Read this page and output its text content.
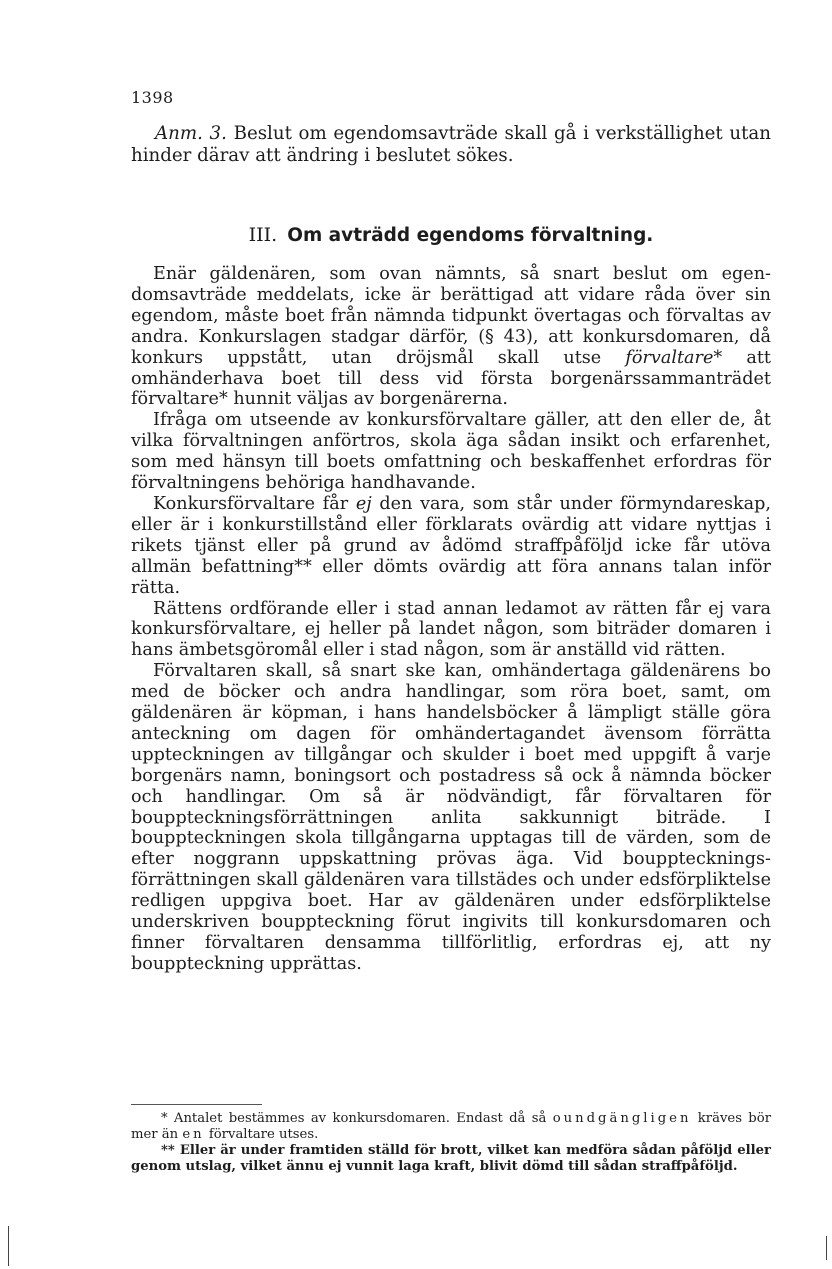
1398
Anm. 3. Beslut om egendomsavträde skall gå i verkställighet utan hinder därav att ändring i beslutet sökes.
III. Om avträdd egendoms förvaltning.

Enär gäldenären, som ovan nämnts, så snart beslut om egendomsavträde meddelats, icke är berättigad att vidare råda över sin egendom, måste boet från nämnda tidpunkt övertagas och förvaltas av andra. Konkurslagen stadgar därför, (§ 43), att konkursdomaren, då konkurs uppstått, utan dröjsmål skall utse förvaltare* att omhänderhava boet till dess vid första borgenärssammanträdet förvaltare* hunnit väljas av borgenärerna.

Ifråga om utseende av konkursförvaltare gäller, att den eller de, åt vilka förvaltningen anförtros, skola äga sådan insikt och erfarenhet, som med hänsyn till boets omfattning och beskaffenhet erfordras för förvaltningens behöriga handhavande.

Konkursförvaltare får ej den vara, som står under förmyndareskap, eller är i konkurstillstånd eller förklarats ovärdig att vidare nyttjas i rikets tjänst eller på grund av ådömd straffpåföljd icke får utöva allmän befattning** eller dömts ovärdig att föra annans talan inför rätta.

Rättens ordförande eller i stad annan ledamot av rätten får ej vara konkursförvaltare, ej heller på landet någon, som biträder domaren i hans ämbetsgöromål eller i stad någon, som är anställd vid rätten.

Förvaltaren skall, så snart ske kan, omhändertaga gäldenärens bo med de böcker och andra handlingar, som röra boet, samt, om gäldenären är köpman, i hans handelsböcker å lämpligt ställe göra anteckning om dagen för omhändertagandet ävensom förrätta uppteckningen av tillgångar och skulder i boet med uppgift å varje borgenärs namn, boningsort och postadress så ock å nämnda böcker och handlingar. Om så är nödvändigt, får förvaltaren för bouppteckningsförrättningen anlita sakkunnigt biträde. I bouppteckningen skola tillgångarna upptagas till de värden, som de efter noggrann uppskattning prövas äga. Vid bouppteckningsförrättningen skall gäldenären vara tillstädes och under edsförpliktelse redligen uppgiva boet. Har av gäldenären under edsförpliktelse underskriven bouppteckning förut ingivits till konkursdomaren och finner förvaltaren densamma tillförlitlig, erfordras ej, att ny bouppteckning upprättas.

* Antalet bestämmes av konkursdomaren. Endast då så oundgängligen kräves bör mer än en förvaltare utses.

** Eller är under framtiden ställd för brott, vilket kan medföra sådan påföljd eller genom utslag, vilket ännu ej vunnit laga kraft, blivit dömd till sådan straffpåföljd.
